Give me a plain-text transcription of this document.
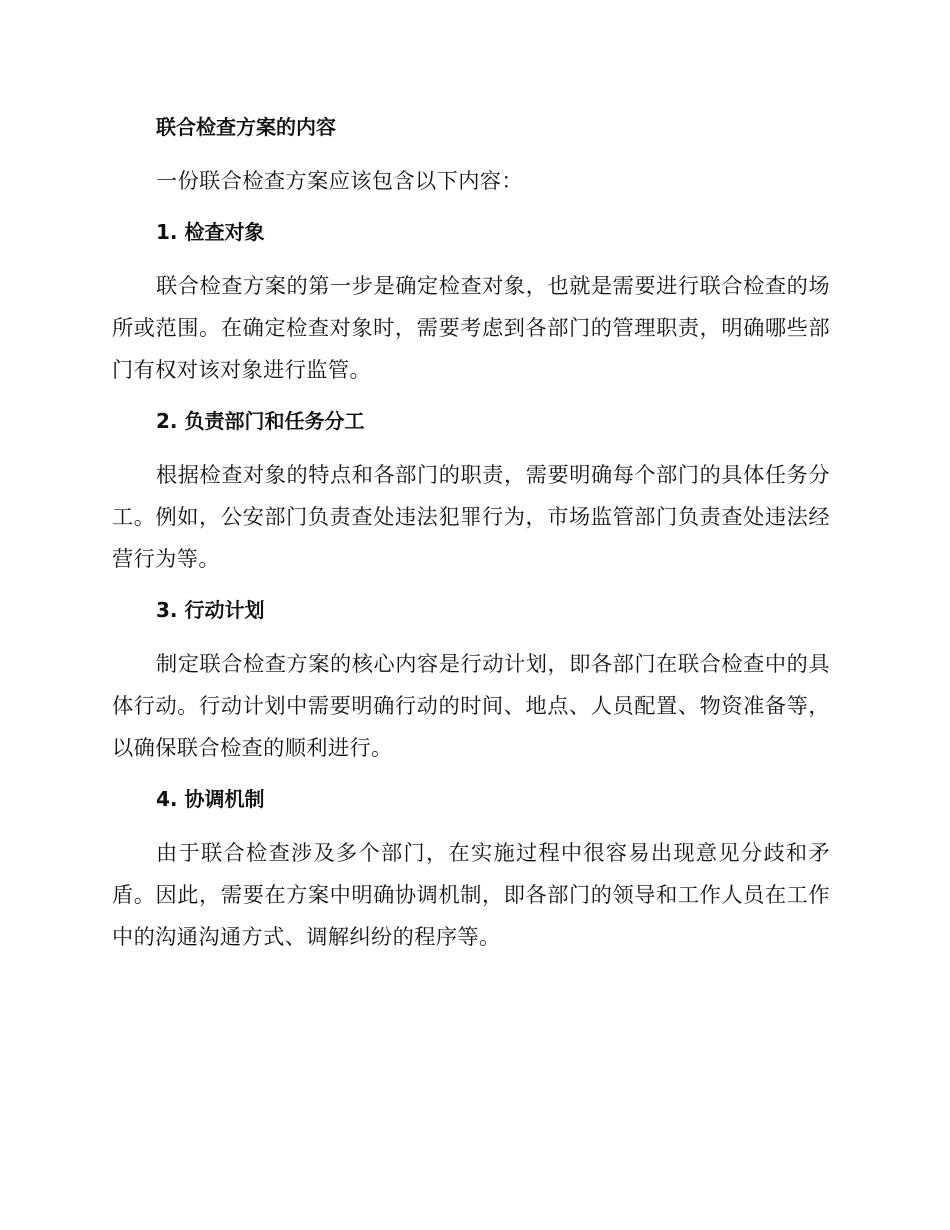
联合检查方案的内容
一份联合检查方案应该包含以下内容：
1. 检查对象
联合检查方案的第一步是确定检查对象，也就是需要进行联合检查的场所或范围。在确定检查对象时，需要考虑到各部门的管理职责，明确哪些部门有权对该对象进行监管。
2. 负责部门和任务分工
根据检查对象的特点和各部门的职责，需要明确每个部门的具体任务分工。例如，公安部门负责查处违法犯罪行为，市场监管部门负责查处违法经营行为等。
3. 行动计划
制定联合检查方案的核心内容是行动计划，即各部门在联合检查中的具体行动。行动计划中需要明确行动的时间、地点、人员配置、物资准备等，以确保联合检查的顺利进行。
4. 协调机制
由于联合检查涉及多个部门，在实施过程中很容易出现意见分歧和矛盾。因此，需要在方案中明确协调机制，即各部门的领导和工作人员在工作中的沟通沟通方式、调解纠纷的程序等。
